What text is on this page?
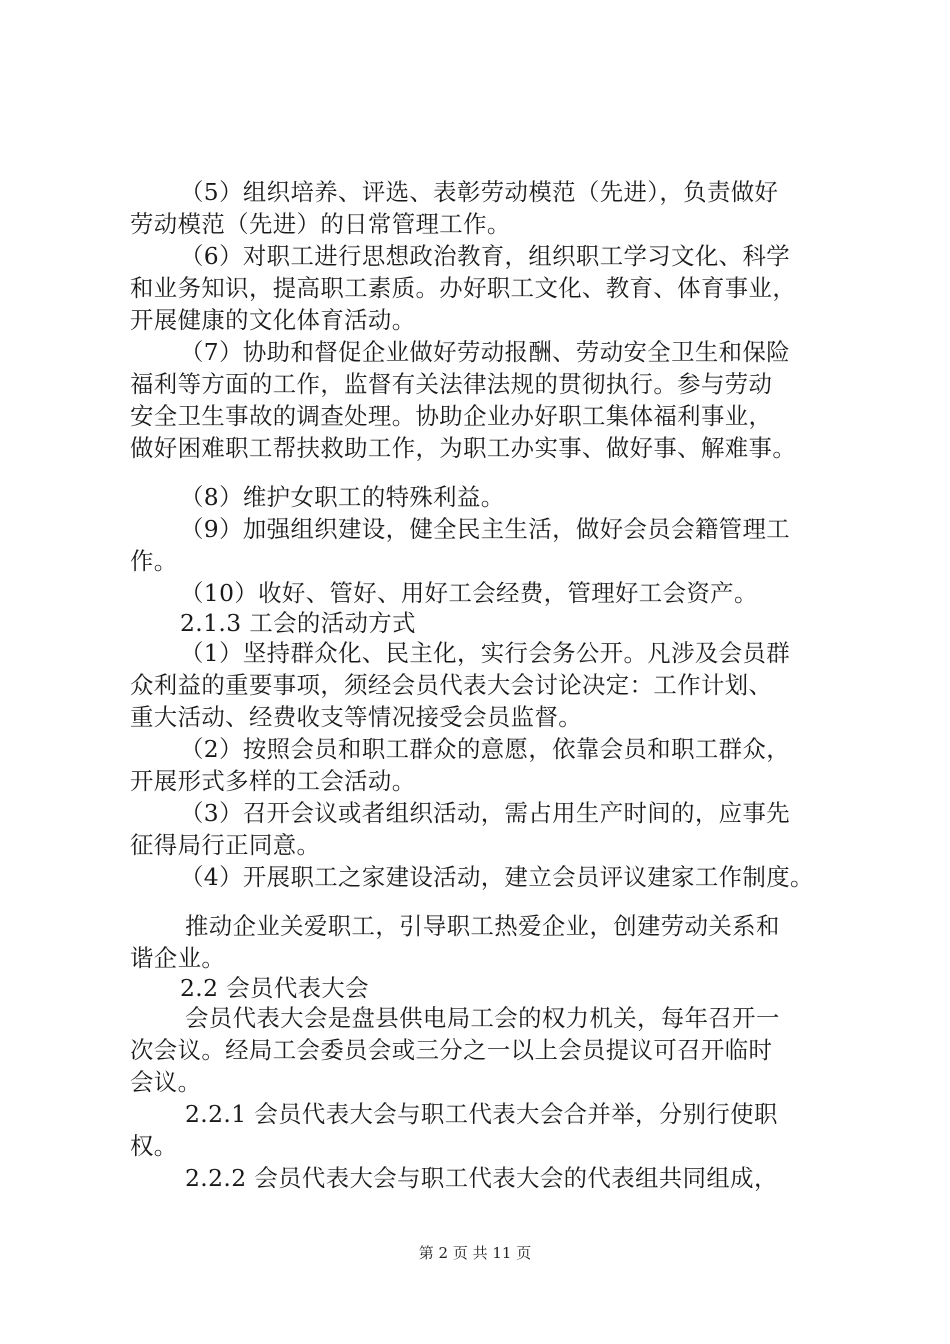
（5）组织培养、评选、表彰劳动模范（先进），负责做好
劳动模范（先进）的日常管理工作。
（6）对职工进行思想政治教育，组织职工学习文化、科学
和业务知识，提高职工素质。办好职工文化、教育、体育事业，
开展健康的文化体育活动。
（7）协助和督促企业做好劳动报酬、劳动安全卫生和保险
福利等方面的工作，监督有关法律法规的贯彻执行。参与劳动
安全卫生事故的调查处理。协助企业办好职工集体福利事业，
做好困难职工帮扶救助工作，为职工办实事、做好事、解难事。
（8）维护女职工的特殊利益。
（9）加强组织建设，健全民主生活，做好会员会籍管理工
作。
（10）收好、管好、用好工会经费，管理好工会资产。
2.1.3 工会的活动方式
（1）坚持群众化、民主化，实行会务公开。凡涉及会员群
众利益的重要事项，须经会员代表大会讨论决定：工作计划、
重大活动、经费收支等情况接受会员监督。
（2）按照会员和职工群众的意愿，依靠会员和职工群众，
开展形式多样的工会活动。
（3）召开会议或者组织活动，需占用生产时间的，应事先
征得局行正同意。
（4）开展职工之家建设活动，建立会员评议建家工作制度。
推动企业关爱职工，引导职工热爱企业，创建劳动关系和
谐企业。
2.2 会员代表大会
会员代表大会是盘县供电局工会的权力机关，每年召开一
次会议。经局工会委员会或三分之一以上会员提议可召开临时
会议。
2.2.1 会员代表大会与职工代表大会合并举，分别行使职
权。
2.2.2 会员代表大会与职工代表大会的代表组共同组成，
第 2 页 共 11 页
